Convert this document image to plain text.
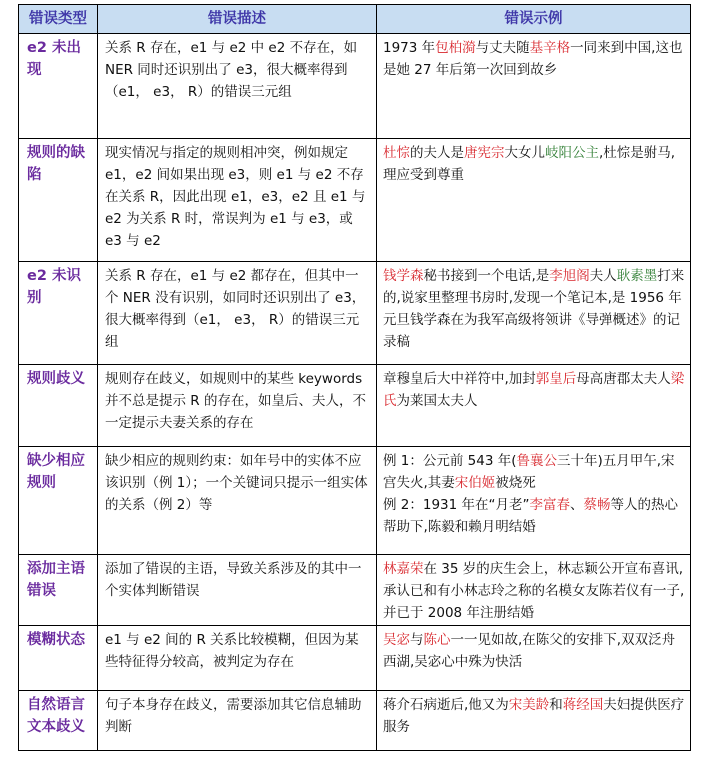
错误类型	错误描述	错误示例
e2 未出现	关系 R 存在，e1 与 e2 中 e2 不存在，如 NER 同时还识别出了 e3，很大概率得到（e1， e3， R）的错误三元组	1973 年包柏漪与丈夫随基辛格一同来到中国,这也是她 27 年后第一次回到故乡
规则的缺陷	现实情况与指定的规则相冲突，例如规定 e1，e2 间如果出现 e3，则 e1 与 e2 不存在关系 R，因此出现 e1，e3，e2 且 e1 与 e2 为关系 R 时，常误判为 e1 与 e3，或 e3 与 e2	杜悰的夫人是唐宪宗大女儿岐阳公主,杜悰是驸马,理应受到尊重
e2 未识别	关系 R 存在，e1 与 e2 都存在，但其中一个 NER 没有识别，如同时还识别出了 e3，很大概率得到（e1， e3， R）的错误三元组	钱学森秘书接到一个电话,是李旭阁夫人耿素墨打来的,说家里整理书房时,发现一个笔记本,是 1956 年元旦钱学森在为我军高级将领讲《导弹概述》的记录稿
规则歧义	规则存在歧义，如规则中的某些 keywords 并不总是提示 R 的存在，如皇后、夫人，不一定提示夫妻关系的存在	章穆皇后大中祥符中,加封郭皇后母高唐郡太夫人梁氏为莱国太夫人
缺少相应规则	缺少相应的规则约束：如年号中的实体不应该识别（例 1）；一个关键词只提示一组实体的关系（例 2）等	例 1：公元前 543 年(鲁襄公三十年)五月甲午,宋宫失火,其妻宋伯姬被烧死
例 2：1931 年在“月老”李富春、蔡畅等人的热心帮助下,陈毅和赖月明结婚
添加主语错误	添加了错误的主语，导致关系涉及的其中一个实体判断错误	林嘉荣在 35 岁的庆生会上，林志颖公开宣布喜讯,承认已和有小林志玲之称的名模女友陈若仪有一子,并已于 2008 年注册结婚
模糊状态	e1 与 e2 间的 R 关系比较模糊，但因为某些特征得分较高，被判定为存在	吴宓与陈心一一见如故,在陈父的安排下,双双泛舟西湖,吴宓心中殊为快活
自然语言文本歧义	句子本身存在歧义，需要添加其它信息辅助判断	蒋介石病逝后,他又为宋美龄和蒋经国夫妇提供医疗服务
